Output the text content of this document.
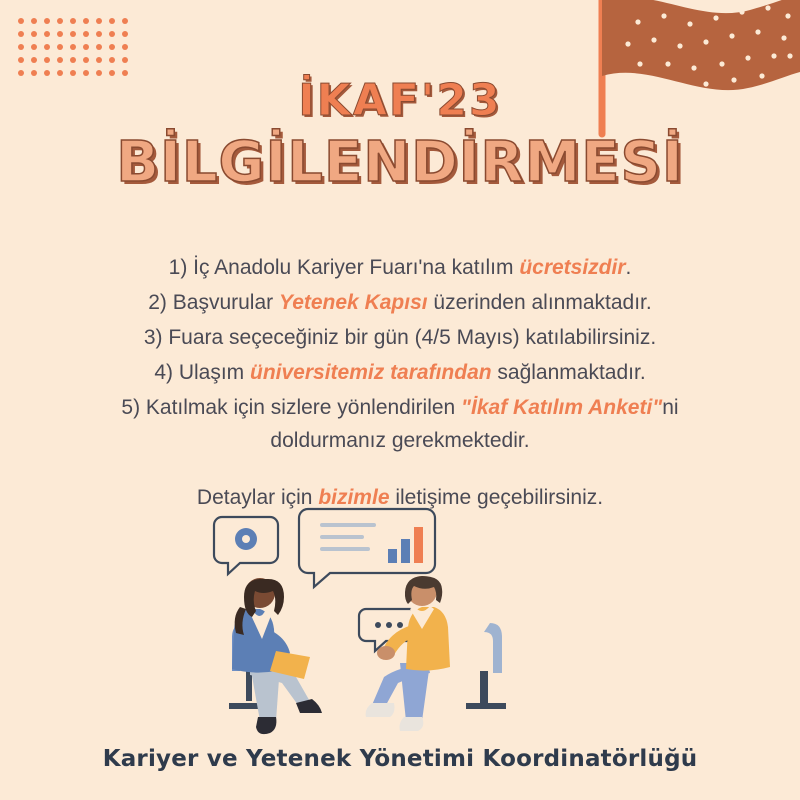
İKAF'23
BİLGİLENDİRMESİ

1) İç Anadolu Kariyer Fuarı'na katılım ücretsizdir.

2) Başvurular Yetenek Kapısı üzerinden alınmaktadır.

3) Fuara seçeceğiniz bir gün (4/5 Mayıs) katılabilirsiniz.

4) Ulaşım üniversitemiz tarafından sağlanmaktadır.

5) Katılmak için sizlere yönlendirilen "İkaf Katılım Anketi"ni

doldurmanız gerekmektedir.

Detaylar için bizimle iletişime geçebilirsiniz.

Kariyer ve Yetenek Yönetimi Koordinatörlüğü
